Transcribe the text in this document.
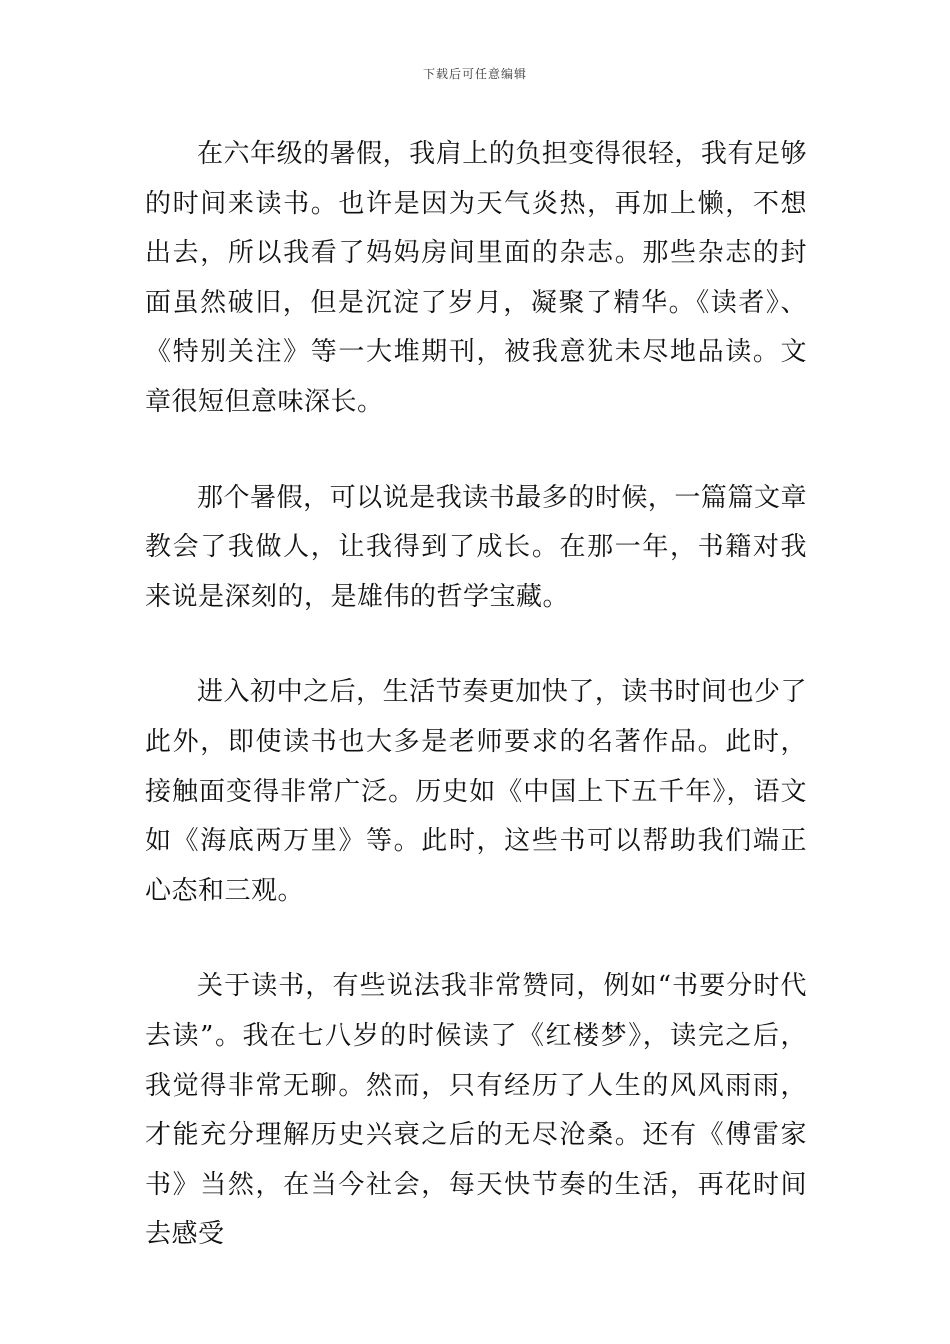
下载后可任意编辑

在六年级的暑假，我肩上的负担变得很轻，我有足够的时间来读书。也许是因为天气炎热，再加上懒，不想出去，所以我看了妈妈房间里面的杂志。那些杂志的封面虽然破旧，但是沉淀了岁月，凝聚了精华。《读者》、《特别关注》等一大堆期刊，被我意犹未尽地品读。文章很短但意味深长。

那个暑假，可以说是我读书最多的时候，一篇篇文章教会了我做人，让我得到了成长。在那一年，书籍对我来说是深刻的，是雄伟的哲学宝藏。

进入初中之后，生活节奏更加快了，读书时间也少了此外，即使读书也大多是老师要求的名著作品。此时，接触面变得非常广泛。历史如《中国上下五千年》，语文如《海底两万里》等。此时，这些书可以帮助我们端正心态和三观。

关于读书，有些说法我非常赞同，例如“书要分时代去读”。我在七八岁的时候读了《红楼梦》，读完之后，我觉得非常无聊。然而，只有经历了人生的风风雨雨，才能充分理解历史兴衰之后的无尽沧桑。还有《傅雷家书》当然，在当今社会，每天快节奏的生活，再花时间去感受
